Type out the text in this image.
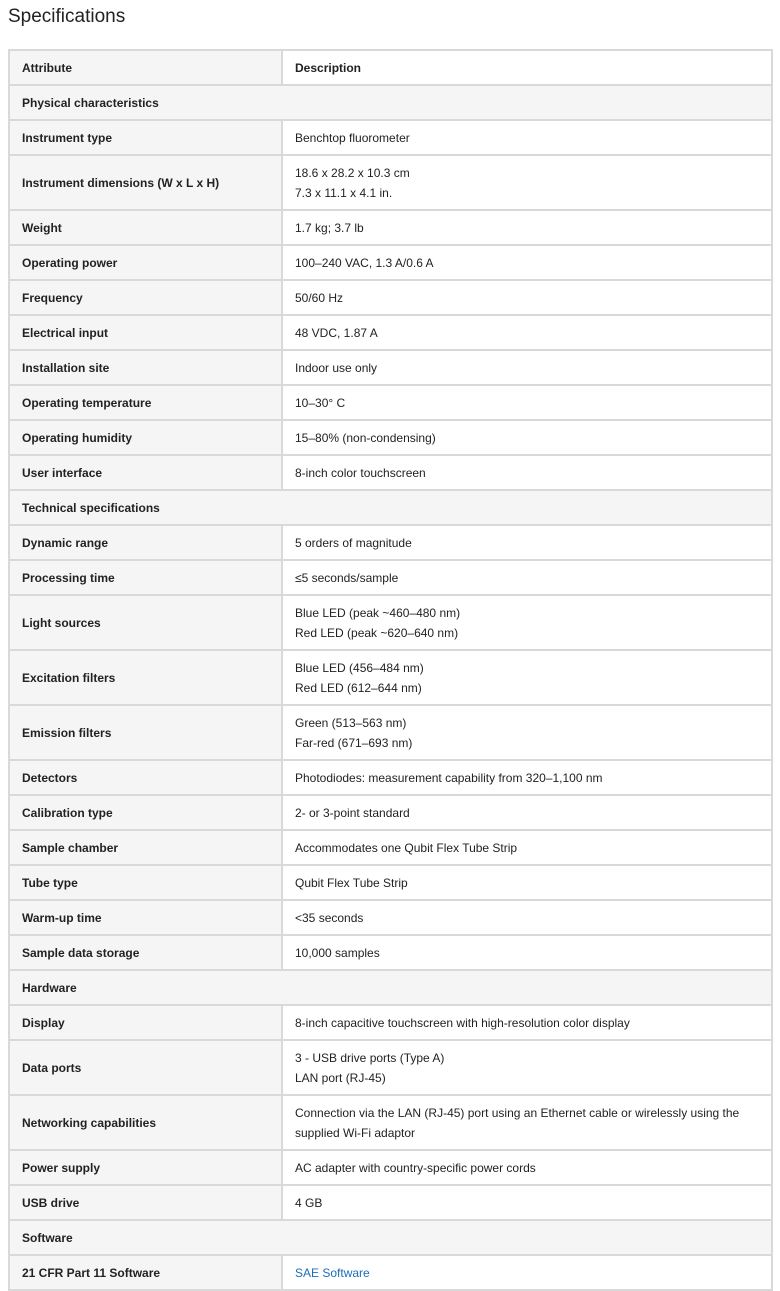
Specifications
Attribute	Description
Physical characteristics	
Instrument type	Benchtop fluorometer

Instrument dimensions (W x L x H)	18.6 x 28.2 x 10.3 cm
7.3 x 11.1 x 4.1 in.

Weight	1.7 kg; 3.7 lb

Operating power	100–240 VAC, 1.3 A/0.6 A

Frequency	50/60 Hz

Electrical input	48 VDC, 1.87 A

Installation site	Indoor use only

Operating temperature	10–30° C

Operating humidity	15–80% (non-condensing)

User interface	8-inch color touchscreen

Technical specifications	
Dynamic range	5 orders of magnitude

Processing time	≤5 seconds/sample

Light sources	Blue LED (peak ~460–480 nm)
Red LED (peak ~620–640 nm)

Excitation filters	Blue LED (456–484 nm)
Red LED (612–644 nm)

Emission filters	Green (513–563 nm)
Far-red (671–693 nm)

Detectors	Photodiodes: measurement capability from 320–1,100 nm

Calibration type	2- or 3-point standard

Sample chamber	Accommodates one Qubit Flex Tube Strip

Tube type	Qubit Flex Tube Strip

Warm-up time	<35 seconds

Sample data storage	10,000 samples

Hardware	
Display	8-inch capacitive touchscreen with high-resolution color display

Data ports	3 - USB drive ports (Type A)
LAN port (RJ-45)

Networking capabilities	Connection via the LAN (RJ-45) port using an Ethernet cable or wirelessly using the supplied Wi-Fi adaptor

Power supply	AC adapter with country-specific power cords

USB drive	4 GB

Software	
21 CFR Part 11 Software	SAE Software
